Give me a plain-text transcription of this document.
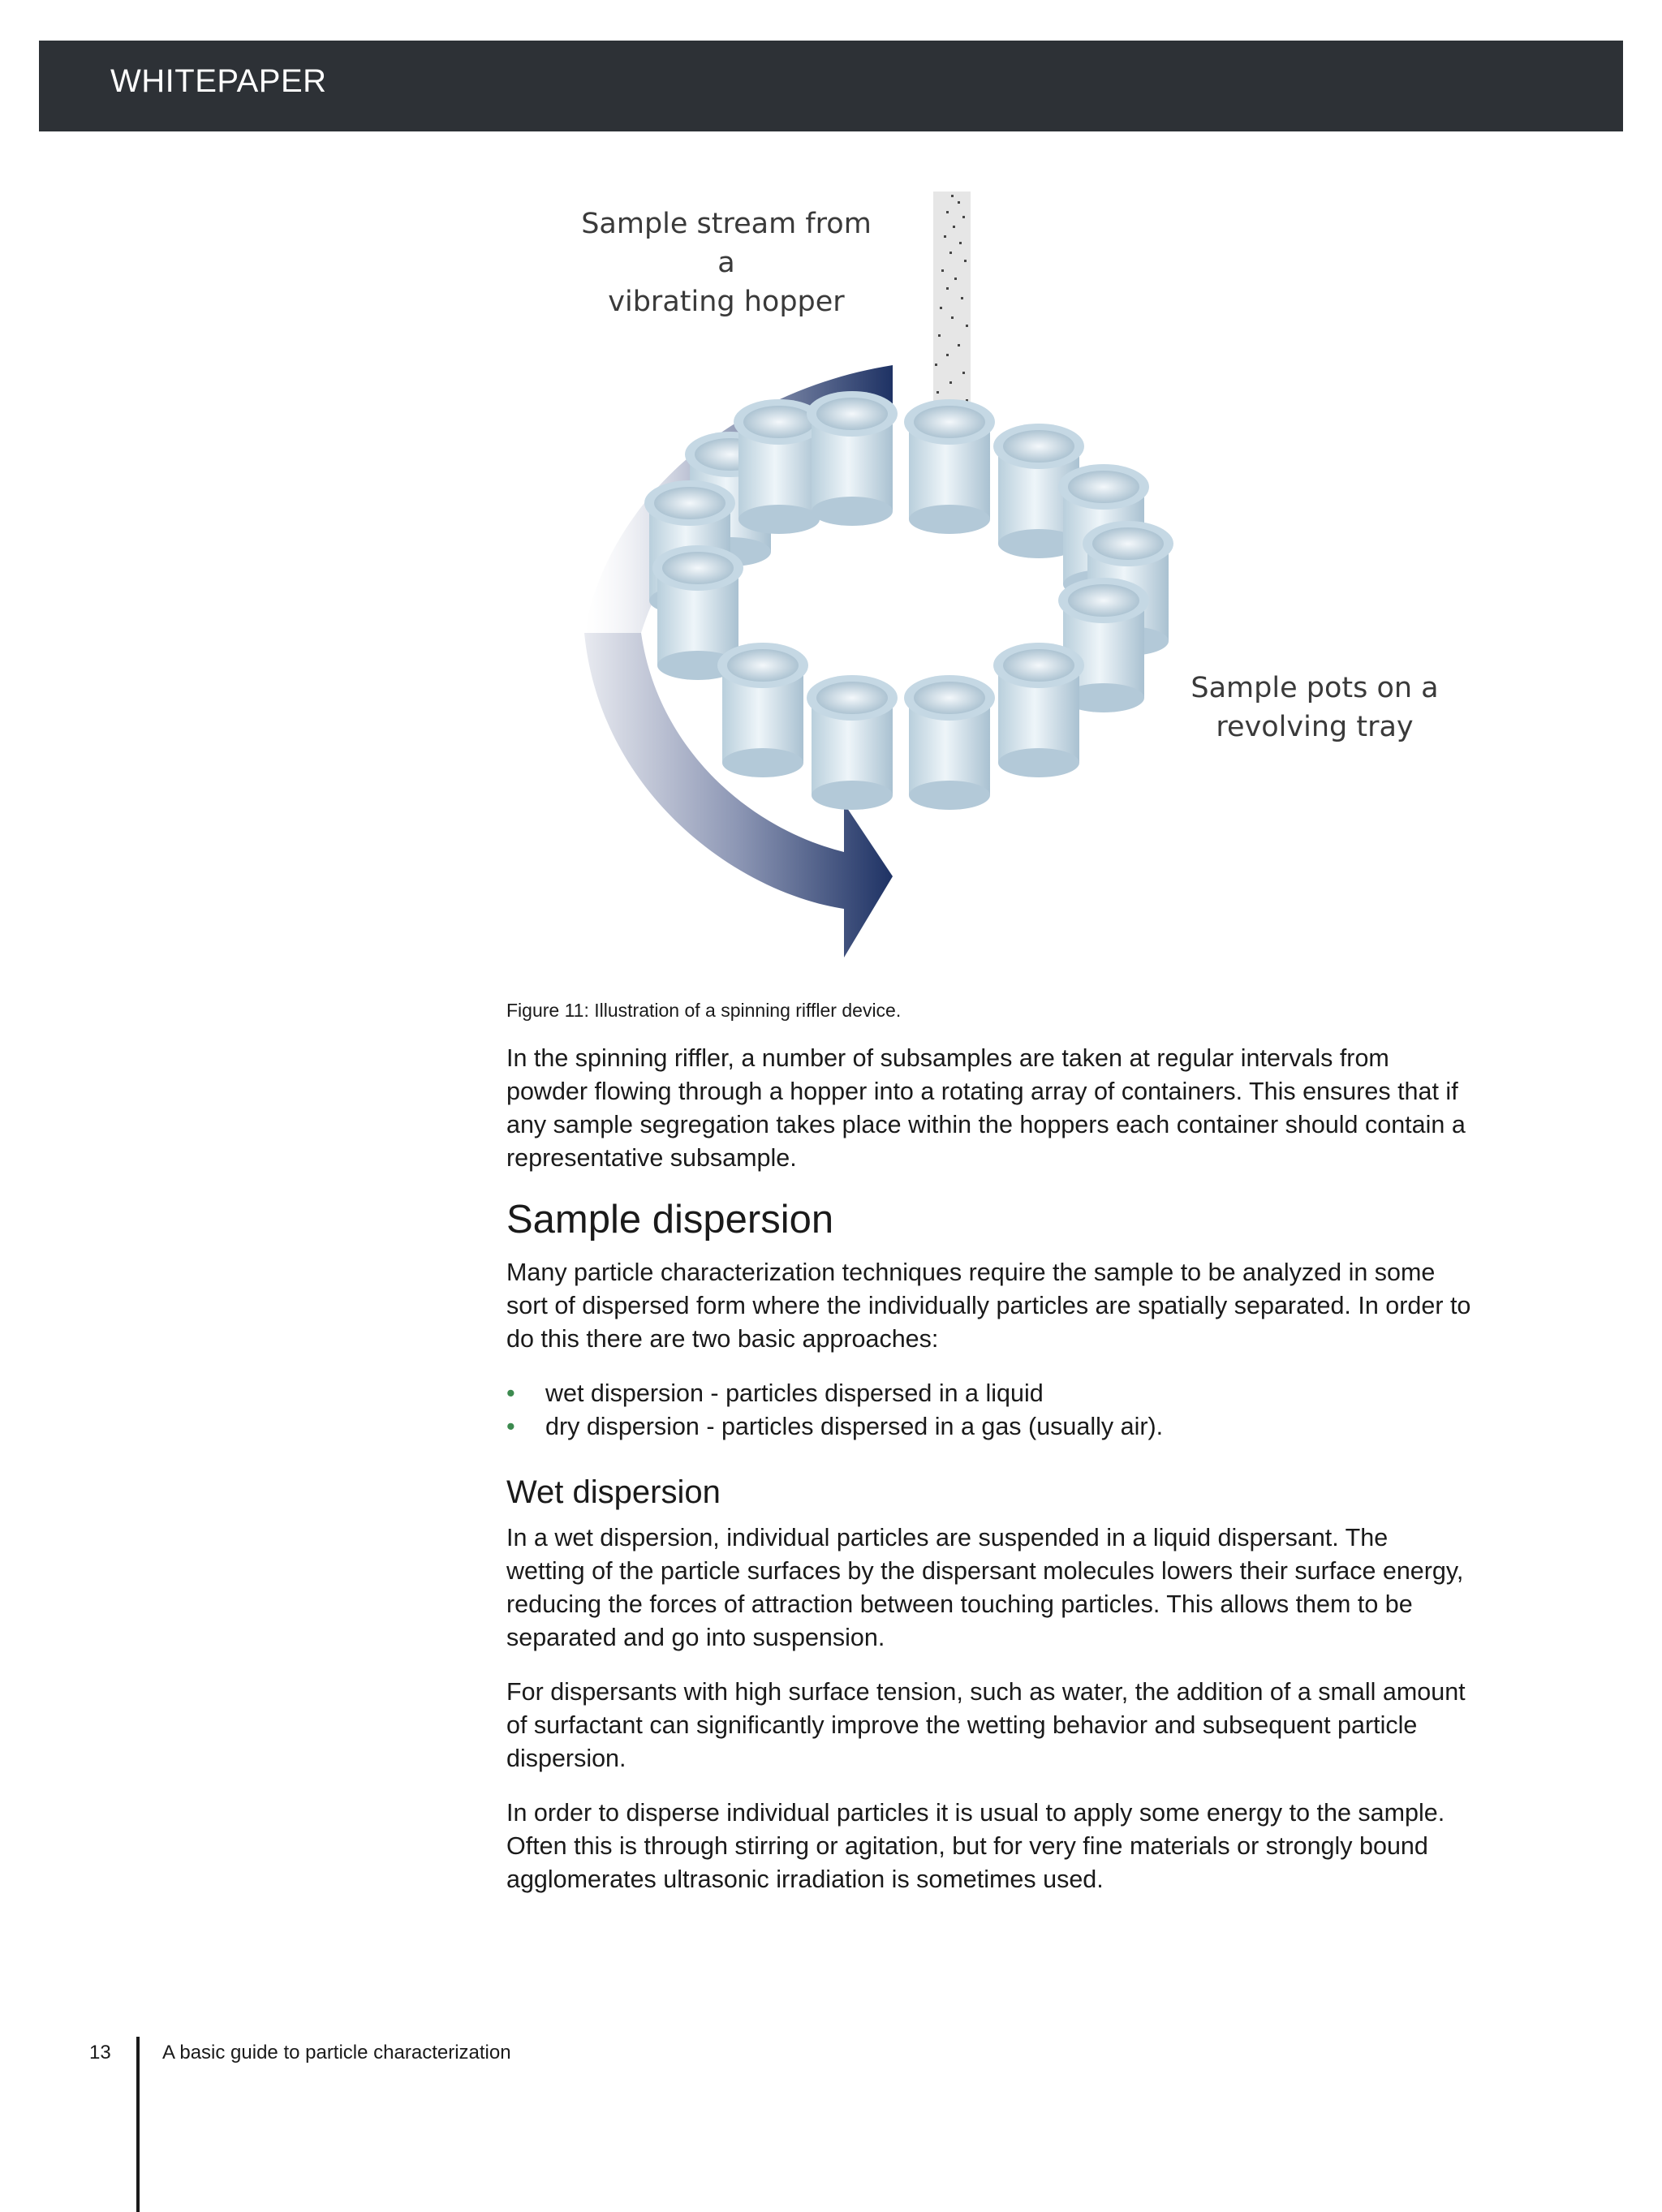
WHITEPAPER
Sample stream from a
vibrating hopper
Sample pots on a
revolving tray
Figure 11: Illustration of a spinning riffler device.

In the spinning riffler, a number of subsamples are taken at regular intervals from powder flowing through a hopper into a rotating array of containers. This ensures that if any sample segregation takes place within the hoppers each container should contain a representative subsample.

Sample dispersion

Many particle characterization techniques require the sample to be analyzed in some sort of dispersed form where the individually particles are spatially separated. In order to do this there are two basic approaches:

• wet dispersion - particles dispersed in a liquid
• dry dispersion - particles dispersed in a gas (usually air).
Wet dispersion

In a wet dispersion, individual particles are suspended in a liquid dispersant. The wetting of the particle surfaces by the dispersant molecules lowers their surface energy, reducing the forces of attraction between touching particles. This allows them to be separated and go into suspension.

For dispersants with high surface tension, such as water, the addition of a small amount of surfactant can significantly improve the wetting behavior and subsequent particle dispersion.

In order to disperse individual particles it is usual to apply some energy to the sample. Often this is through stirring or agitation, but for very fine materials or strongly bound agglomerates ultrasonic irradiation is sometimes used.

13	A basic guide to particle characterization
